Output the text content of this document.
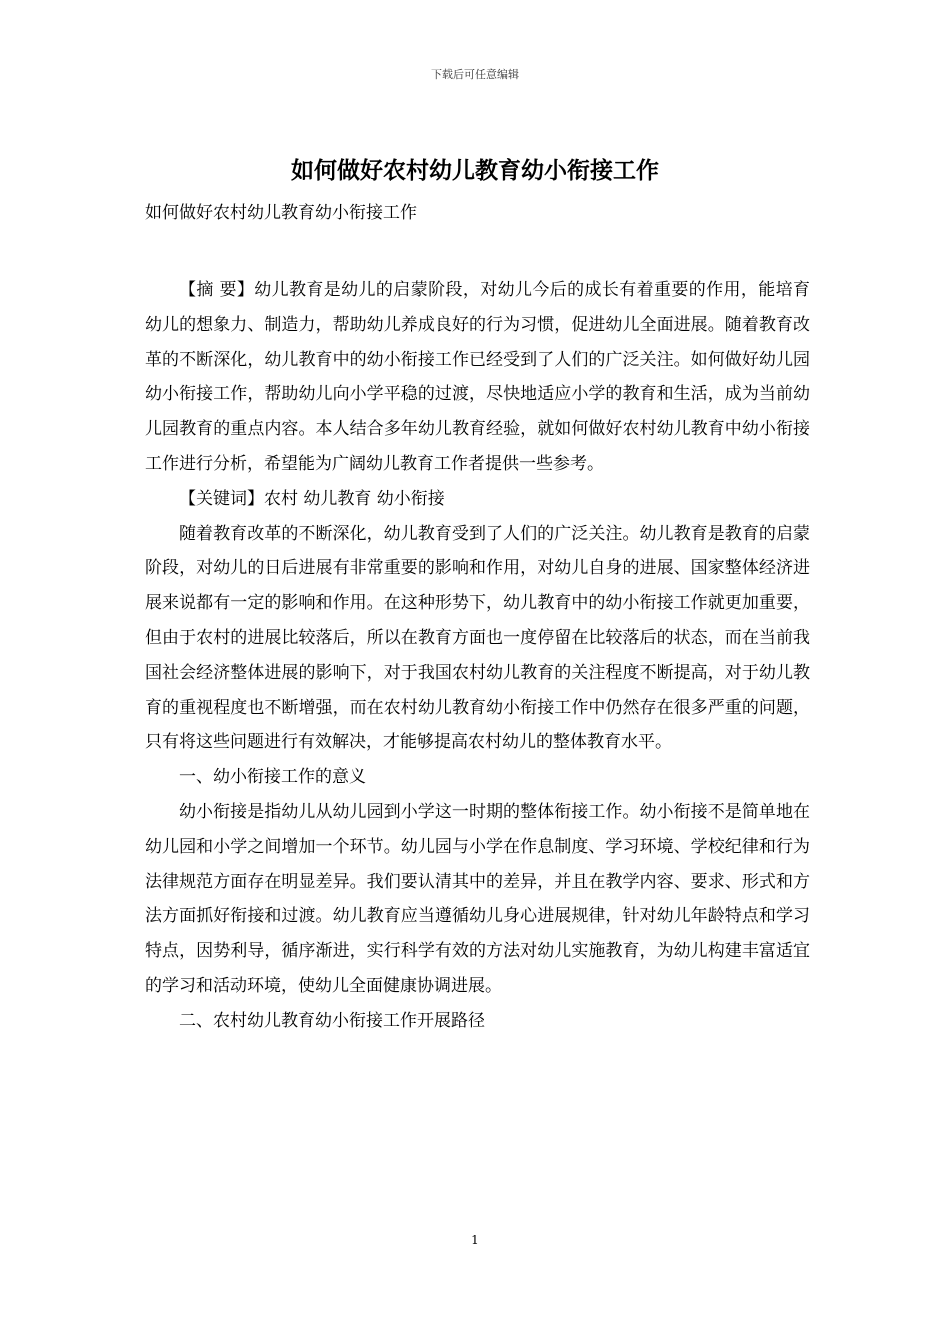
下载后可任意编辑
如何做好农村幼儿教育幼小衔接工作

如何做好农村幼儿教育幼小衔接工作

【摘 要】幼儿教育是幼儿的启蒙阶段，对幼儿今后的成长有着重要的作用，能培育幼儿的想象力、制造力，帮助幼儿养成良好的行为习惯，促进幼儿全面进展。随着教育改革的不断深化，幼儿教育中的幼小衔接工作已经受到了人们的广泛关注。如何做好幼儿园幼小衔接工作，帮助幼儿向小学平稳的过渡，尽快地适应小学的教育和生活，成为当前幼儿园教育的重点内容。本人结合多年幼儿教育经验，就如何做好农村幼儿教育中幼小衔接工作进行分析，希望能为广阔幼儿教育工作者提供一些参考。

【关键词】农村 幼儿教育 幼小衔接

随着教育改革的不断深化，幼儿教育受到了人们的广泛关注。幼儿教育是教育的启蒙阶段，对幼儿的日后进展有非常重要的影响和作用，对幼儿自身的进展、国家整体经济进展来说都有一定的影响和作用。在这种形势下，幼儿教育中的幼小衔接工作就更加重要，但由于农村的进展比较落后，所以在教育方面也一度停留在比较落后的状态，而在当前我国社会经济整体进展的影响下，对于我国农村幼儿教育的关注程度不断提高，对于幼儿教育的重视程度也不断增强，而在农村幼儿教育幼小衔接工作中仍然存在很多严重的问题，只有将这些问题进行有效解决，才能够提高农村幼儿的整体教育水平。

一、幼小衔接工作的意义

幼小衔接是指幼儿从幼儿园到小学这一时期的整体衔接工作。幼小衔接不是简单地在幼儿园和小学之间增加一个环节。幼儿园与小学在作息制度、学习环境、学校纪律和行为法律规范方面存在明显差异。我们要认清其中的差异，并且在教学内容、要求、形式和方法方面抓好衔接和过渡。幼儿教育应当遵循幼儿身心进展规律，针对幼儿年龄特点和学习特点，因势利导，循序渐进，实行科学有效的方法对幼儿实施教育，为幼儿构建丰富适宜的学习和活动环境，使幼儿全面健康协调进展。

二、农村幼儿教育幼小衔接工作开展路径

1
